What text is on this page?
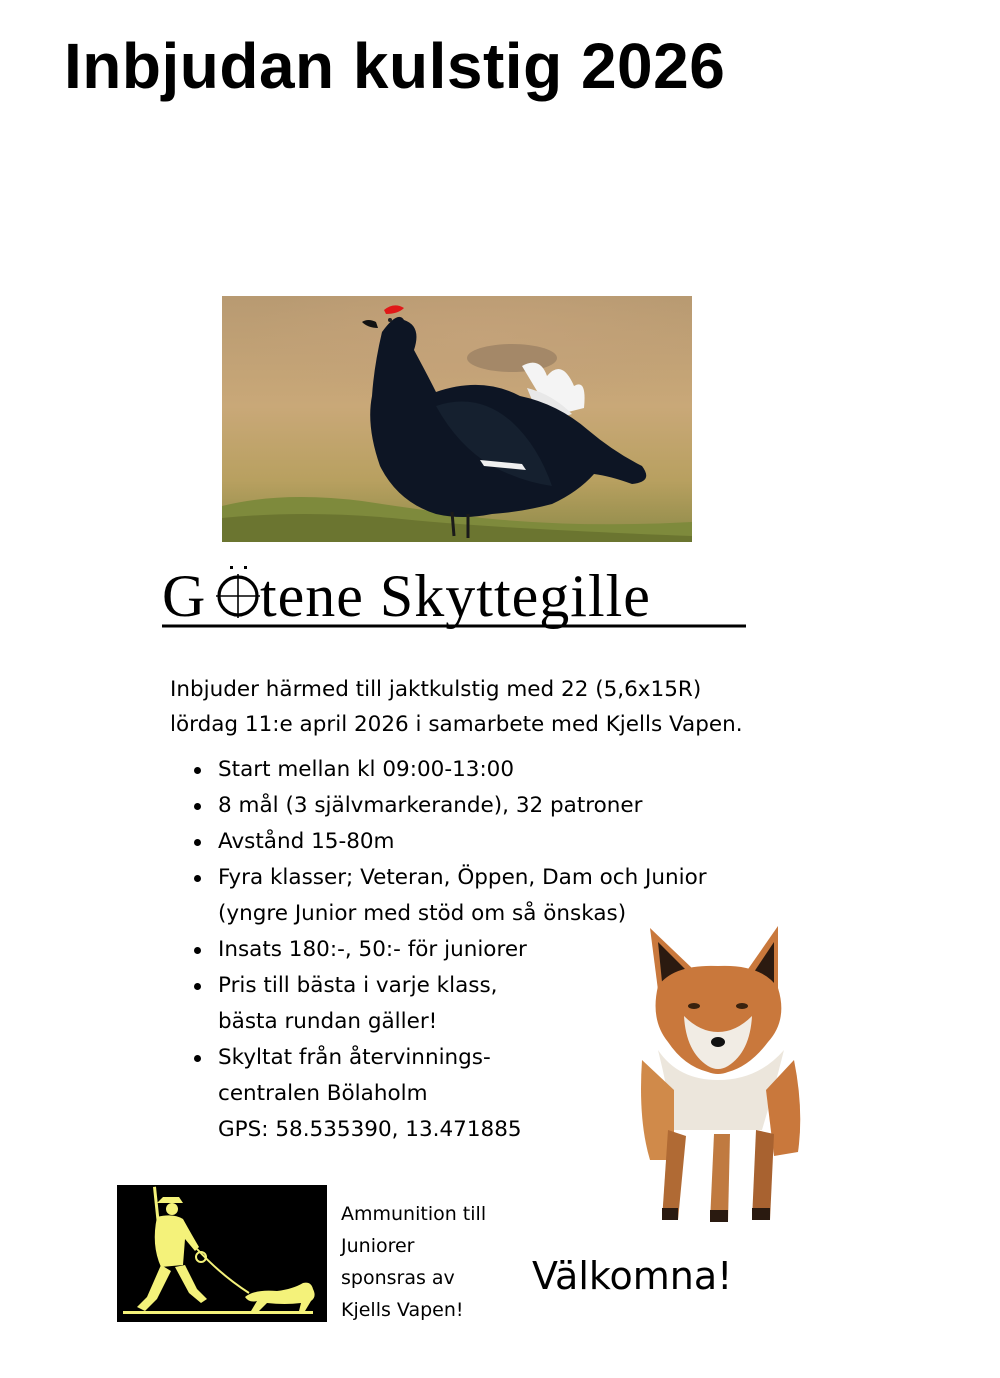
Inbjudan kulstig 2026
G tene Skyttegille
Inbjuder härmed till jaktkulstig med 22 (5,6x15R)
lördag 11:e april 2026 i samarbete med Kjells Vapen.
Start mellan kl 09:00-13:00
8 mål (3 självmarkerande), 32 patroner
Avstånd 15-80m
Fyra klasser; Veteran, Öppen, Dam och Junior
(yngre Junior med stöd om så önskas)
Insats 180:-, 50:- för juniorer
Pris till bästa i varje klass,
bästa rundan gäller!
Skyltat från återvinnings-
centralen Bölaholm
GPS: 58.535390, 13.471885
Ammunition till
Juniorer
sponsras av
Kjells Vapen!
Välkomna!
